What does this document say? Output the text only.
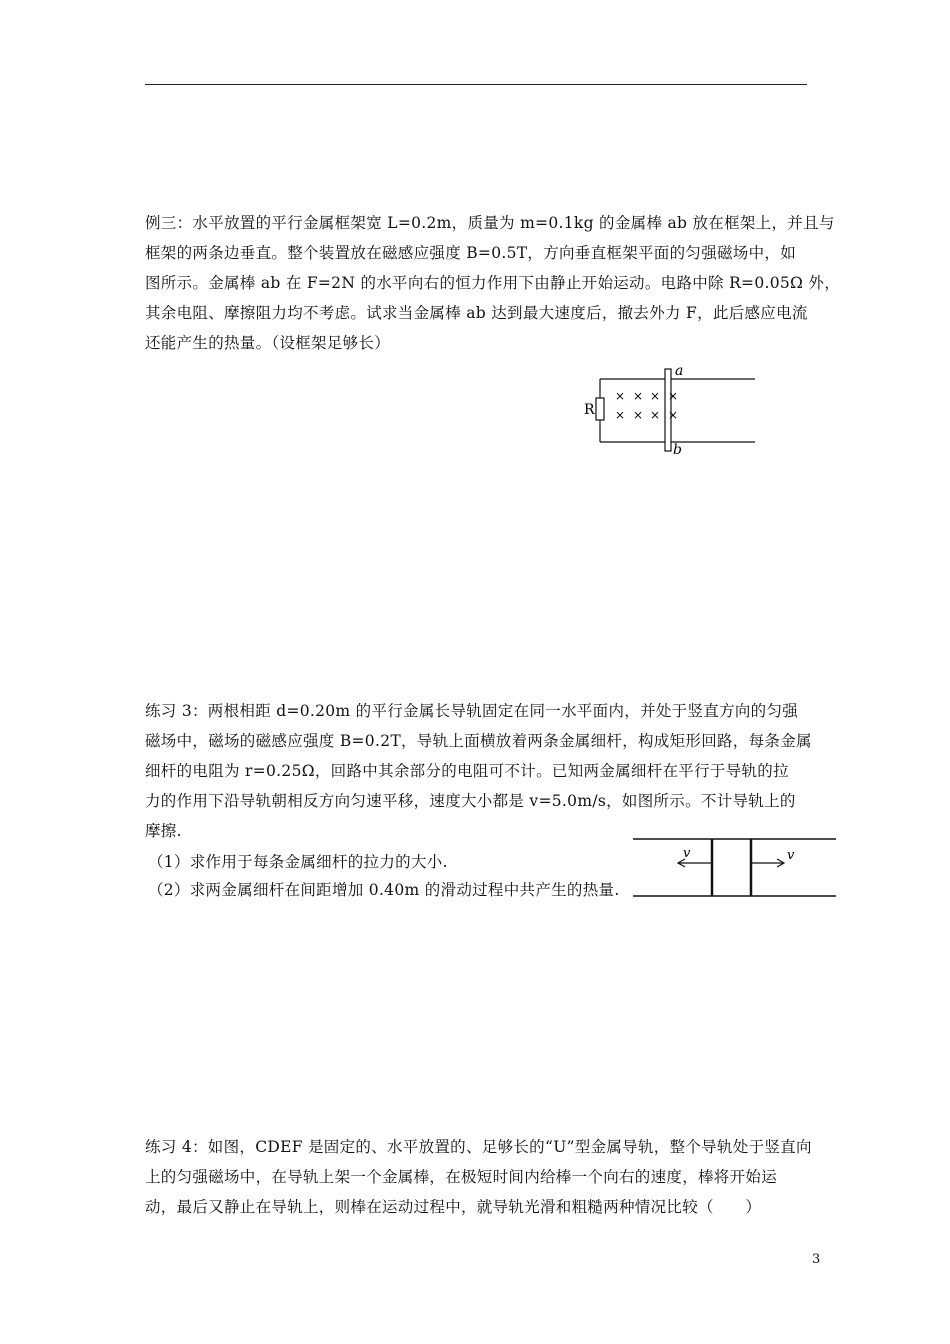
例三：水平放置的平行金属框架宽 L=0.2m，质量为 m=0.1kg 的金属棒 ab 放在框架上，并且与
框架的两条边垂直。整个装置放在磁感应强度 B=0.5T，方向垂直框架平面的匀强磁场中，如
图所示。金属棒 ab 在 F=2N 的水平向右的恒力作用下由静止开始运动。电路中除 R=0.05Ω 外，
其余电阻、摩擦阻力均不考虑。试求当金属棒 ab 达到最大速度后，撤去外力 F，此后感应电流
还能产生的热量。（设框架足够长）
R
a
b
× × × ×
× × × ×
练习 3：两根相距 d=0.20m 的平行金属长导轨固定在同一水平面内，并处于竖直方向的匀强
磁场中，磁场的磁感应强度 B=0.2T，导轨上面横放着两条金属细杆，构成矩形回路，每条金属
细杆的电阻为 r=0.25Ω，回路中其余部分的电阻可不计。已知两金属细杆在平行于导轨的拉
力的作用下沿导轨朝相反方向匀速平移，速度大小都是 v=5.0m/s，如图所示。不计导轨上的
摩擦.

（1）求作用于每条金属细杆的拉力的大小.

（2）求两金属细杆在间距增加 0.40m 的滑动过程中共产生的热量.

v	v
练习 4：如图，CDEF 是固定的、水平放置的、足够长的“U”型金属导轨，整个导轨处于竖直向
上的匀强磁场中，在导轨上架一个金属棒，在极短时间内给棒一个向右的速度，棒将开始运
动，最后又静止在导轨上，则棒在运动过程中，就导轨光滑和粗糙两种情况比较（　　）
3
